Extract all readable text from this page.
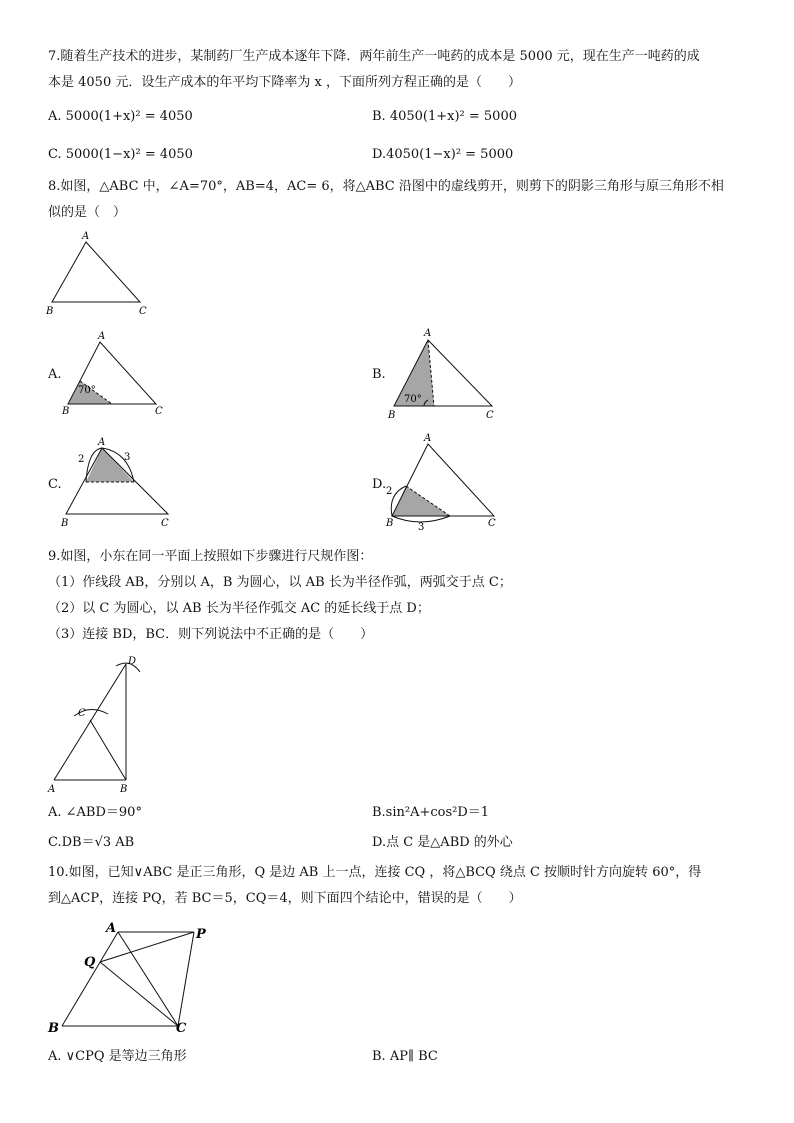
7.随着生产技术的进步，某制药厂生产成本逐年下降．两年前生产一吨药的成本是 5000 元，现在生产一吨药的成
本是 4050 元．设生产成本的年平均下降率为 x ，下面所列方程正确的是（　　）
A. 5000(1+x)² = 4050	B. 4050(1+x)² = 5000
C. 5000(1−x)² = 4050	D.4050(1−x)² = 5000
8.如图，△ABC 中，∠A=70°，AB=4，AC= 6，将△ABC 沿图中的虚线剪开，则剪下的阴影三角形与原三角形不相
似的是（　）
A
B	C
A.
70°
A
B	C
B.
70°
A
B	C
C.
2	3
A
B	C
D. 2
3
A
B	C
9.如图，小东在同一平面上按照如下步骤进行尺规作图：
（1）作线段 AB，分别以 A，B 为圆心，以 AB 长为半径作弧，两弧交于点 C；
（2）以 C 为圆心，以 AB 长为半径作弧交 AC 的延长线于点 D；
（3）连接 BD，BC．则下列说法中不正确的是（　　）
A	B
C
D
A. ∠ABD＝90°	B.sin²A+cos²D＝1
C.DB＝√3 AB	D.点 C 是△ABD 的外心
10.如图，已知∨ABC 是正三角形，Q 是边 AB 上一点，连接 CQ ，将△BCQ 绕点 C 按顺时针方向旋转 60°，得
到△ACP，连接 PQ，若 BC＝5，CQ＝4，则下面四个结论中，错误的是（　　）
A
B	C
P
Q
A. ∨CPQ 是等边三角形	B. AP∥ BC
